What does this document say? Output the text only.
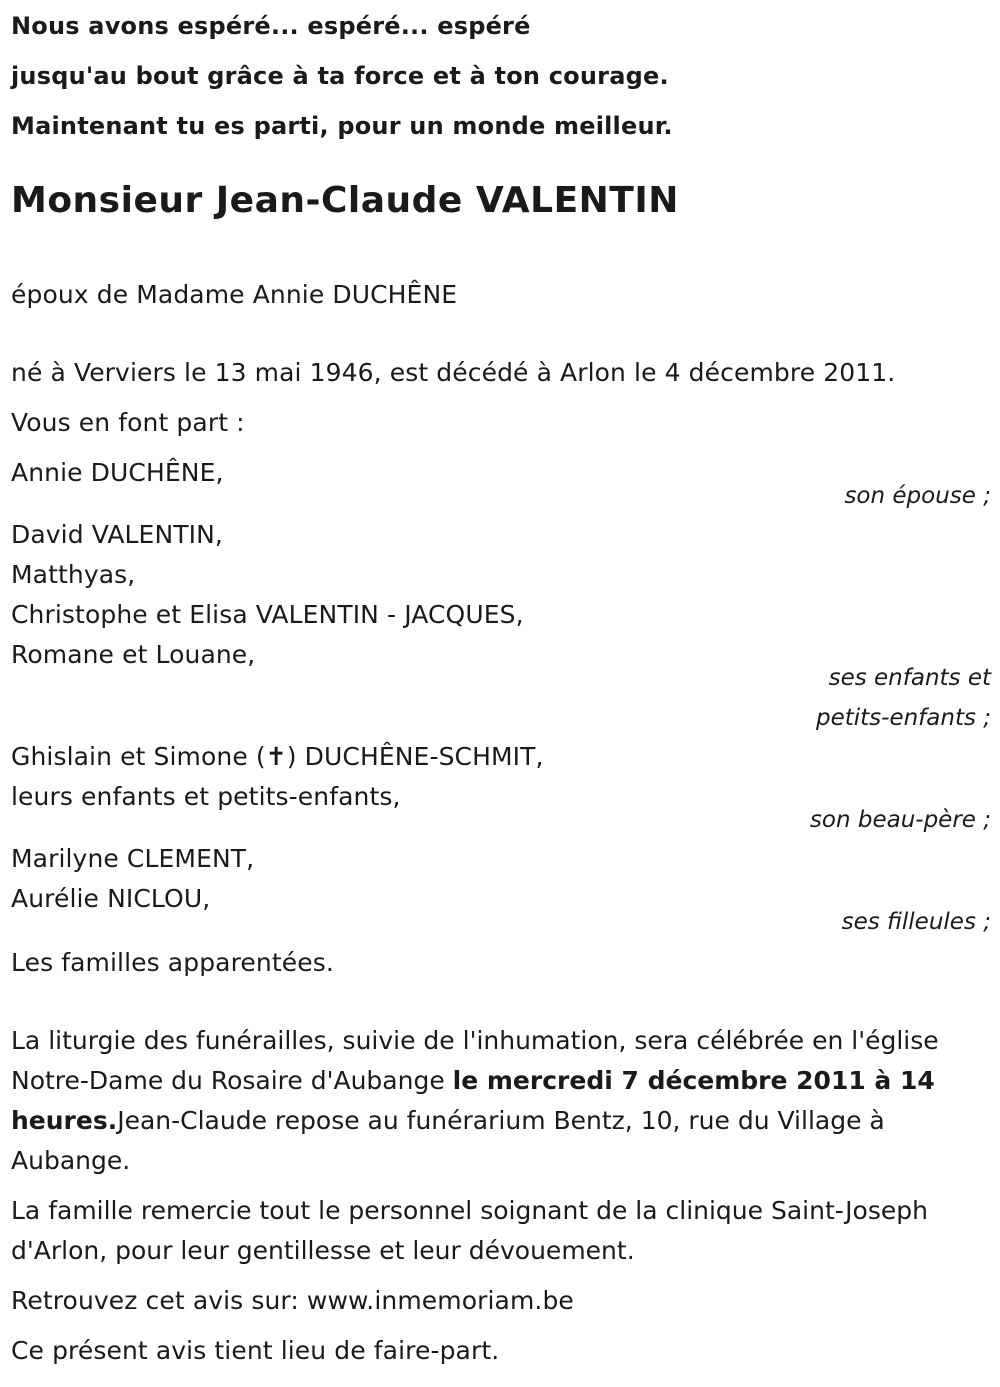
Nous avons espéré... espéré... espéré
jusqu'au bout grâce à ta force et à ton courage.
Maintenant tu es parti, pour un monde meilleur.
Monsieur Jean-Claude VALENTIN
époux de Madame Annie DUCHÊNE
né à Verviers le 13 mai 1946, est décédé à Arlon le 4 décembre 2011.
Vous en font part :
Annie DUCHÊNE,
son épouse ;
David VALENTIN,
Matthyas,
Christophe et Elisa VALENTIN - JACQUES,
Romane et Louane,
ses enfants et
petits-enfants ;
Ghislain et Simone (✝) DUCHÊNE-SCHMIT,
leurs enfants et petits-enfants,
son beau-père ;
Marilyne CLEMENT,
Aurélie NICLOU,
ses filleules ;
Les familles apparentées.
La liturgie des funérailles, suivie de l'inhumation, sera célébrée en l'église Notre-Dame du Rosaire d'Aubange le mercredi 7 décembre 2011 à 14 heures.Jean-Claude repose au funérarium Bentz, 10, rue du Village à Aubange.
La famille remercie tout le personnel soignant de la clinique Saint-Joseph d'Arlon, pour leur gentillesse et leur dévouement.
Retrouvez cet avis sur: www.inmemoriam.be
Ce présent avis tient lieu de faire-part.
